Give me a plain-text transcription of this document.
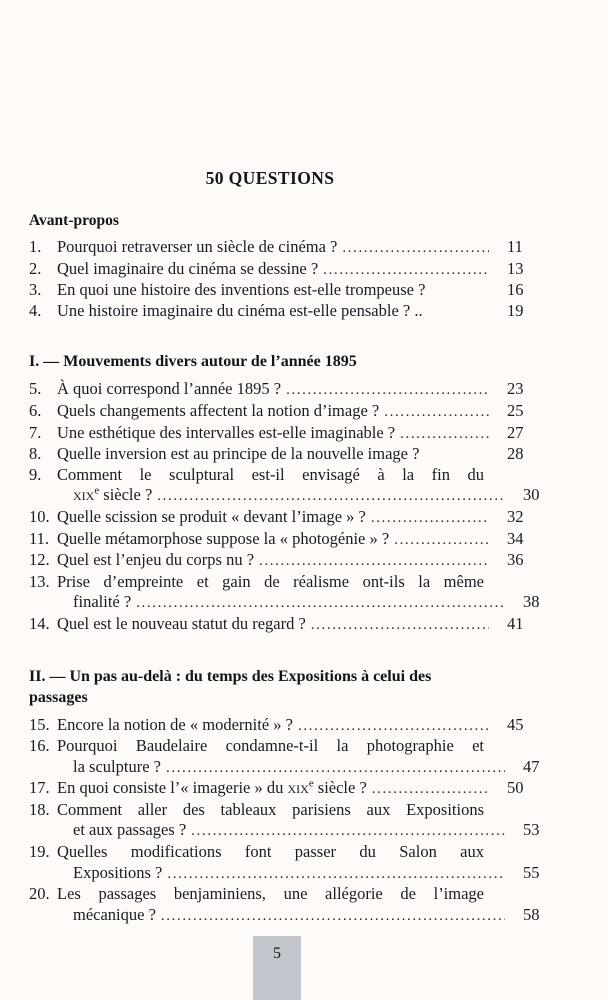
50 QUESTIONS
Avant-propos
1. Pourquoi retraverser un siècle de cinéma ? .....	11
2. Quel imaginaire du cinéma se dessine ? .....	13
3. En quoi une histoire des inventions est-elle trompeuse ?	16
4. Une histoire imaginaire du cinéma est-elle pensable ? ..	19
I. — Mouvements divers autour de l’année 1895
5. À quoi correspond l’année 1895 ? .....	23
6. Quels changements affectent la notion d’image ? .....	25
7. Une esthétique des intervalles est-elle imaginable ? .....	27
8. Quelle inversion est au principe de la nouvelle image ?	28
9. Comment le sculptural est-il envisagé à la fin du
xix$^e$ siècle ? .....	30
10. Quelle scission se produit « devant l’image » ? .....	32
11. Quelle métamorphose suppose la « photogénie » ? .....	34
12. Quel est l’enjeu du corps nu ? .....	36
13. Prise d’empreinte et gain de réalisme ont-ils la même
finalité ? .....	38
14. Quel est le nouveau statut du regard ? .....	41
II. — Un pas au-delà : du temps des Expositions à celui des passages
15. Encore la notion de « modernité » ? .....	45
16. Pourquoi Baudelaire condamne-t-il la photographie et
la sculpture ? .....	47
17. En quoi consiste l’« imagerie » du xix$^e$ siècle ? .....	50
18. Comment aller des tableaux parisiens aux Expositions
et aux passages ? .....	53
19. Quelles modifications font passer du Salon aux
Expositions ? .....	55
20. Les passages benjaminiens, une allégorie de l’image
mécanique ? .....	58
5
